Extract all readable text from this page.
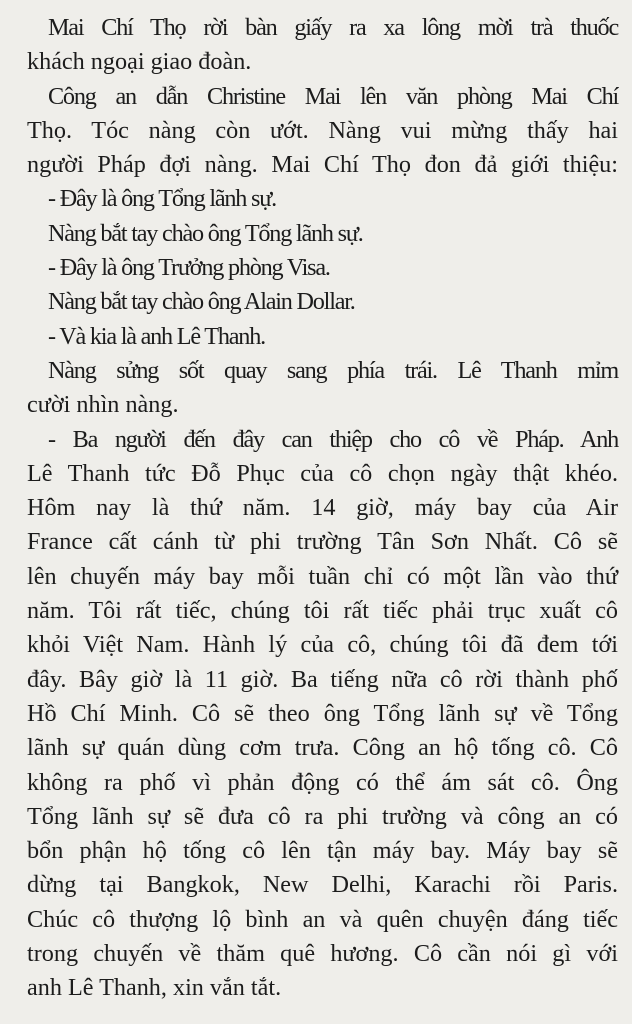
Mai Chí Thọ rời bàn giấy ra xa lông mời trà thuốc
khách ngoại giao đoàn.
Công an dẫn Christine Mai lên văn phòng Mai Chí
Thọ. Tóc nàng còn ướt. Nàng vui mừng thấy hai
người Pháp đợi nàng. Mai Chí Thọ đon đả giới thiệu:
- Đây là ông Tổng lãnh sự.
Nàng bắt tay chào ông Tổng lãnh sự.
- Đây là ông Trưởng phòng Visa.
Nàng bắt tay chào ông Alain Dollar.
- Và kia là anh Lê Thanh.
Nàng sửng sốt quay sang phía trái. Lê Thanh mỉm
cười nhìn nàng.
- Ba người đến đây can thiệp cho cô về Pháp. Anh
Lê Thanh tức Đỗ Phục của cô chọn ngày thật khéo.
Hôm nay là thứ năm. 14 giờ, máy bay của Air
France cất cánh từ phi trường Tân Sơn Nhất. Cô sẽ
lên chuyến máy bay mỗi tuần chỉ có một lần vào thứ
năm. Tôi rất tiếc, chúng tôi rất tiếc phải trục xuất cô
khỏi Việt Nam. Hành lý của cô, chúng tôi đã đem tới
đây. Bây giờ là 11 giờ. Ba tiếng nữa cô rời thành phố
Hồ Chí Minh. Cô sẽ theo ông Tổng lãnh sự về Tổng
lãnh sự quán dùng cơm trưa. Công an hộ tống cô. Cô
không ra phố vì phản động có thể ám sát cô. Ông
Tổng lãnh sự sẽ đưa cô ra phi trường và công an có
bổn phận hộ tống cô lên tận máy bay. Máy bay sẽ
dừng tại Bangkok, New Delhi, Karachi rồi Paris.
Chúc cô thượng lộ bình an và quên chuyện đáng tiếc
trong chuyến về thăm quê hương. Cô cần nói gì với
anh Lê Thanh, xin vắn tắt.
